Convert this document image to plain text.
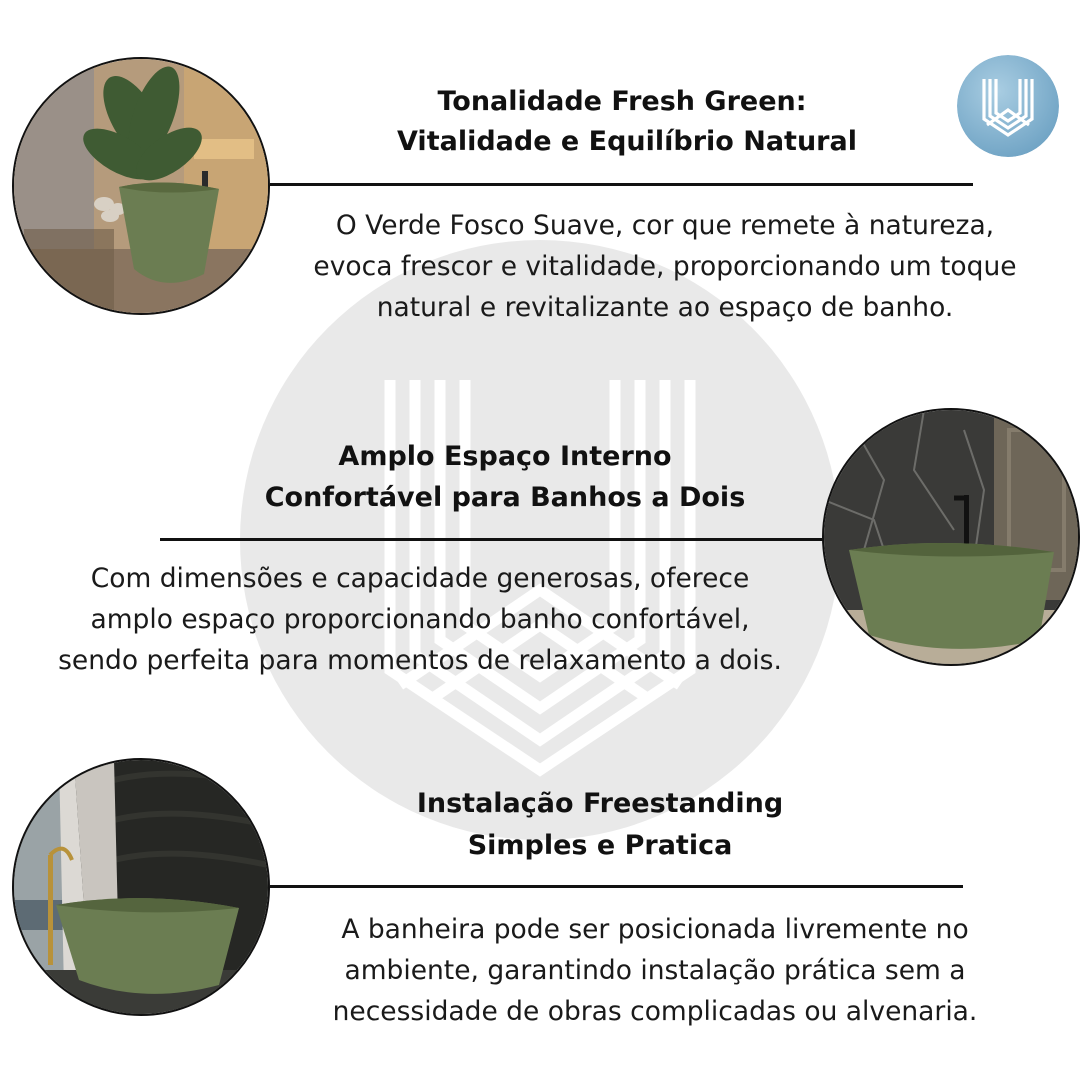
Tonalidade Fresh Green:

Vitalidade e Equilíbrio Natural

O Verde Fosco Suave, cor que remete à natureza,

evoca frescor e vitalidade, proporcionando um toque

natural e revitalizante ao espaço de banho.

Amplo Espaço Interno

Confortável para Banhos a Dois

Com dimensões e capacidade generosas, oferece

amplo espaço proporcionando banho confortável,

sendo perfeita para momentos de relaxamento a dois.

Instalação Freestanding

Simples e Pratica

A banheira pode ser posicionada livremente no

ambiente, garantindo instalação prática sem a

necessidade de obras complicadas ou alvenaria.
